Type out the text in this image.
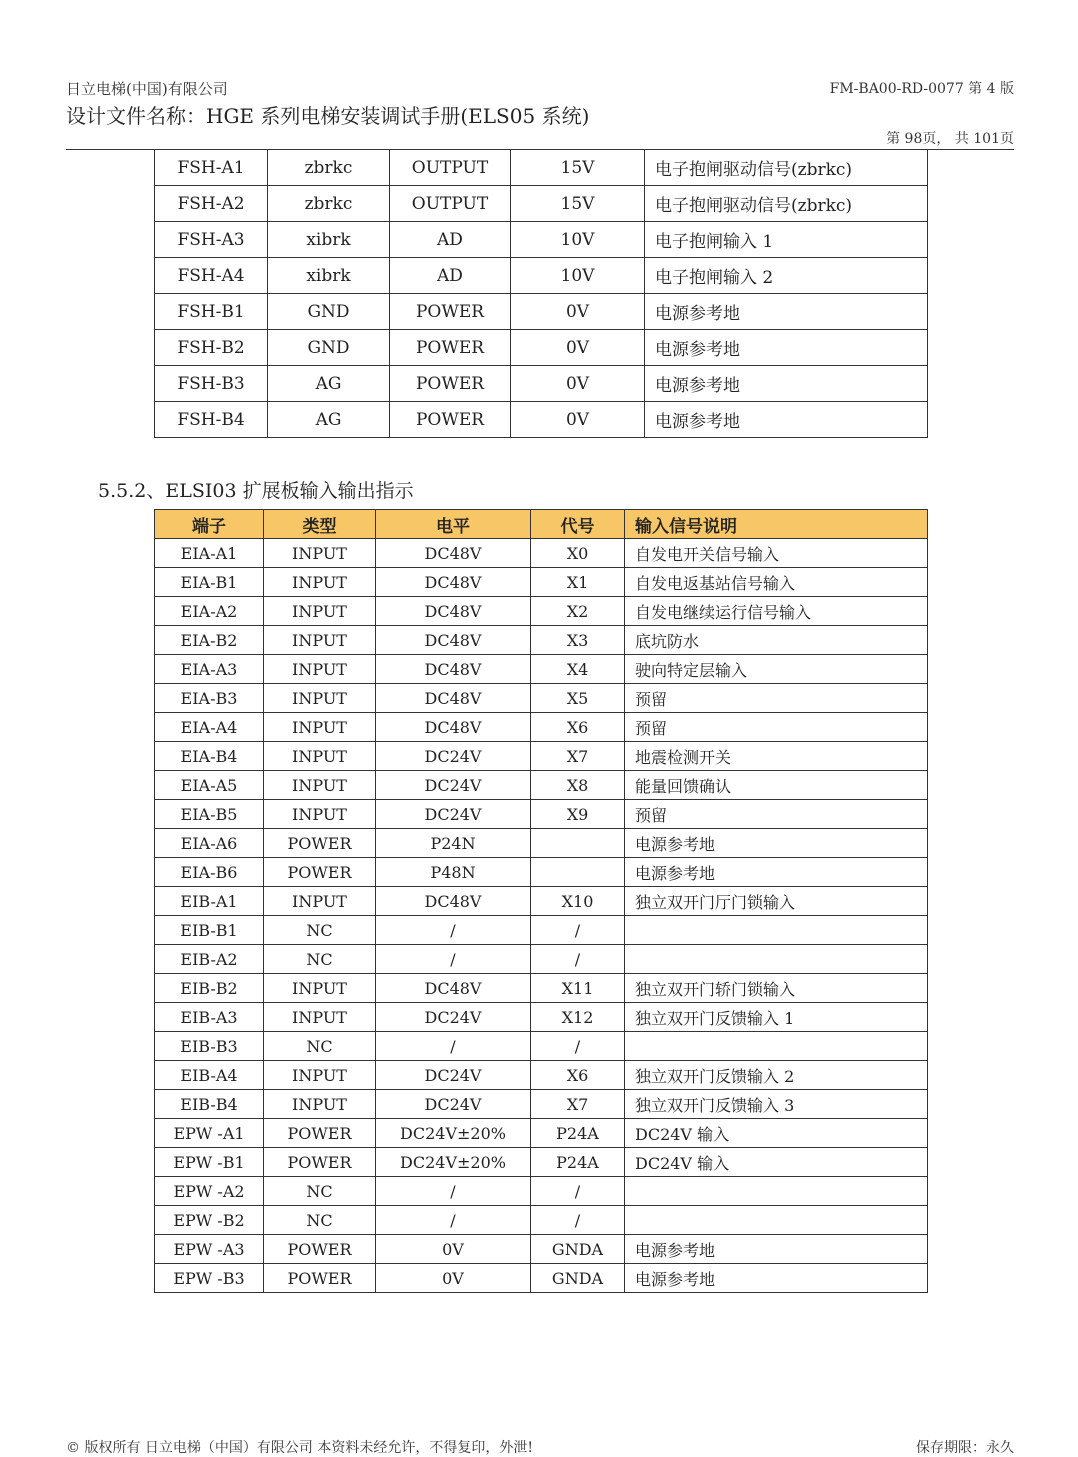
日立电梯(中国)有限公司	FM-BA00-RD-0077 第 4 版
设计文件名称：HGE 系列电梯安装调试手册(ELS05 系统)
第 98页， 共 101页
FSH-A1	zbrkc	OUTPUT	15V	电子抱闸驱动信号(zbrkc)
FSH-A2	zbrkc	OUTPUT	15V	电子抱闸驱动信号(zbrkc)
FSH-A3	xibrk	AD	10V	电子抱闸输入 1
FSH-A4	xibrk	AD	10V	电子抱闸输入 2
FSH-B1	GND	POWER	0V	电源参考地
FSH-B2	GND	POWER	0V	电源参考地
FSH-B3	AG	POWER	0V	电源参考地
FSH-B4	AG	POWER	0V	电源参考地
5.5.2、ELSI03 扩展板输入输出指示
端子	类型	电平	代号	输入信号说明
EIA-A1	INPUT	DC48V	X0	自发电开关信号输入
EIA-B1	INPUT	DC48V	X1	自发电返基站信号输入
EIA-A2	INPUT	DC48V	X2	自发电继续运行信号输入
EIA-B2	INPUT	DC48V	X3	底坑防水
EIA-A3	INPUT	DC48V	X4	驶向特定层输入
EIA-B3	INPUT	DC48V	X5	预留
EIA-A4	INPUT	DC48V	X6	预留
EIA-B4	INPUT	DC24V	X7	地震检测开关
EIA-A5	INPUT	DC24V	X8	能量回馈确认
EIA-B5	INPUT	DC24V	X9	预留
EIA-A6	POWER	P24N		电源参考地
EIA-B6	POWER	P48N		电源参考地
EIB-A1	INPUT	DC48V	X10	独立双开门厅门锁输入
EIB-B1	NC	/	/	
EIB-A2	NC	/	/	
EIB-B2	INPUT	DC48V	X11	独立双开门轿门锁输入
EIB-A3	INPUT	DC24V	X12	独立双开门反馈输入 1
EIB-B3	NC	/	/	
EIB-A4	INPUT	DC24V	X6	独立双开门反馈输入 2
EIB-B4	INPUT	DC24V	X7	独立双开门反馈输入 3
EPW -A1	POWER	DC24V±20%	P24A	DC24V 输入
EPW -B1	POWER	DC24V±20%	P24A	DC24V 输入
EPW -A2	NC	/	/	
EPW -B2	NC	/	/	
EPW -A3	POWER	0V	GNDA	电源参考地
EPW -B3	POWER	0V	GNDA	电源参考地
© 版权所有 日立电梯（中国）有限公司 本资料未经允许，不得复印，外泄!	保存期限：永久
